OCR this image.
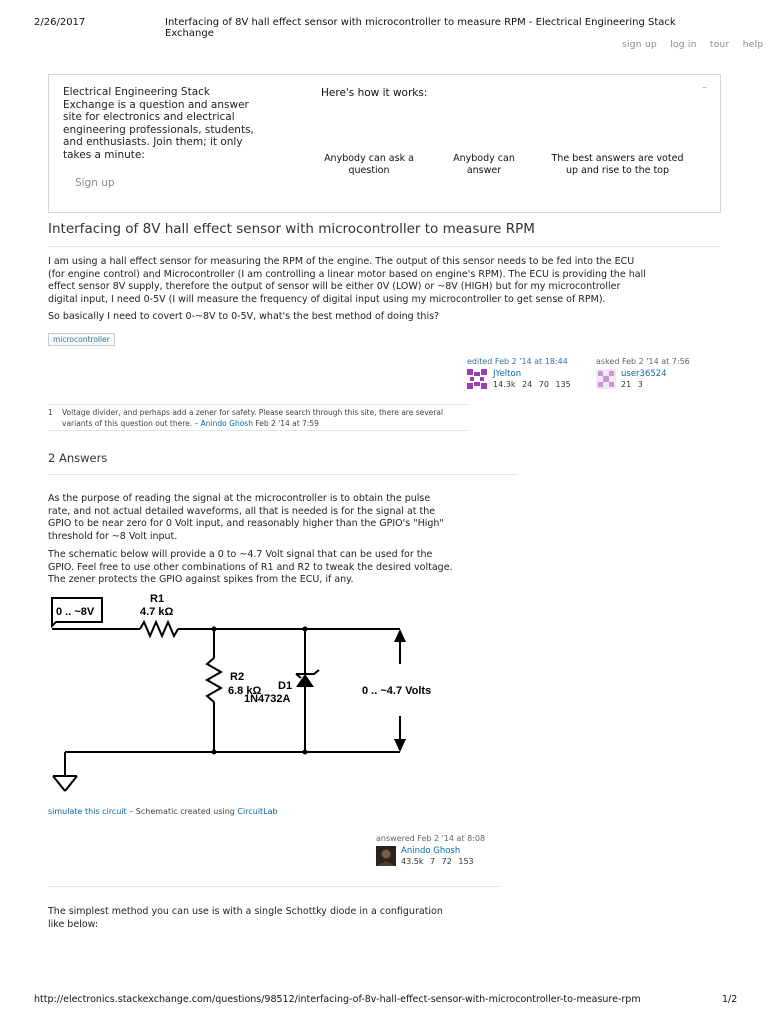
2/26/2017	Interfacing of 8V hall effect sensor with microcontroller to measure RPM - Electrical Engineering Stack Exchange
sign up log in tour help
Electrical Engineering Stack Exchange is a question and answer site for electronics and electrical engineering professionals, students, and enthusiasts. Join them; it only takes a minute:
Sign up
Here's how it works:	–
Anybody can ask a question
Anybody can answer
The best answers are voted up and rise to the top
Interfacing of 8V hall effect sensor with microcontroller to measure RPM
I am using a hall effect sensor for measuring the RPM of the engine. The output of this sensor needs to be fed into the ECU (for engine control) and Microcontroller (I am controlling a linear motor based on engine's RPM). The ECU is providing the hall effect sensor 8V supply, therefore the output of sensor will be either 0V (LOW) or ~8V (HIGH) but for my microcontroller digital input, I need 0-5V (I will measure the frequency of digital input using my microcontroller to get sense of RPM).
So basically I need to covert 0-~8V to 0-5V, what's the best method of doing this?
microcontroller
edited Feb 2 '14 at 18:44
JYelton
14.3k 24 70 135
asked Feb 2 '14 at 7:56
user36524
21 3
1 Voltage divider, and perhaps add a zener for safety. Please search through this site, there are several variants of this question out there. – Anindo Ghosh Feb 2 '14 at 7:59
2 Answers
As the purpose of reading the signal at the microcontroller is to obtain the pulse rate, and not actual detailed waveforms, all that is needed is for the signal at the GPIO to be near zero for 0 Volt input, and reasonably higher than the GPIO's "High" threshold for ~8 Volt input.
The schematic below will provide a 0 to ~4.7 Volt signal that can be used for the GPIO. Feel free to use other combinations of R1 and R2 to tweak the desired voltage. The zener protects the GPIO against spikes from the ECU, if any.
0 .. ~8V
R1
4.7 kΩ
R2
6.8 kΩ D1
1N4732A
0 .. ~4.7 Volts
simulate this circuit – Schematic created using CircuitLab
answered Feb 2 '14 at 8:08
Anindo Ghosh
43.5k 7 72 153
The simplest method you can use is with a single Schottky diode in a configuration like below:
http://electronics.stackexchange.com/questions/98512/interfacing-of-8v-hall-effect-sensor-with-microcontroller-to-measure-rpm	1/2
